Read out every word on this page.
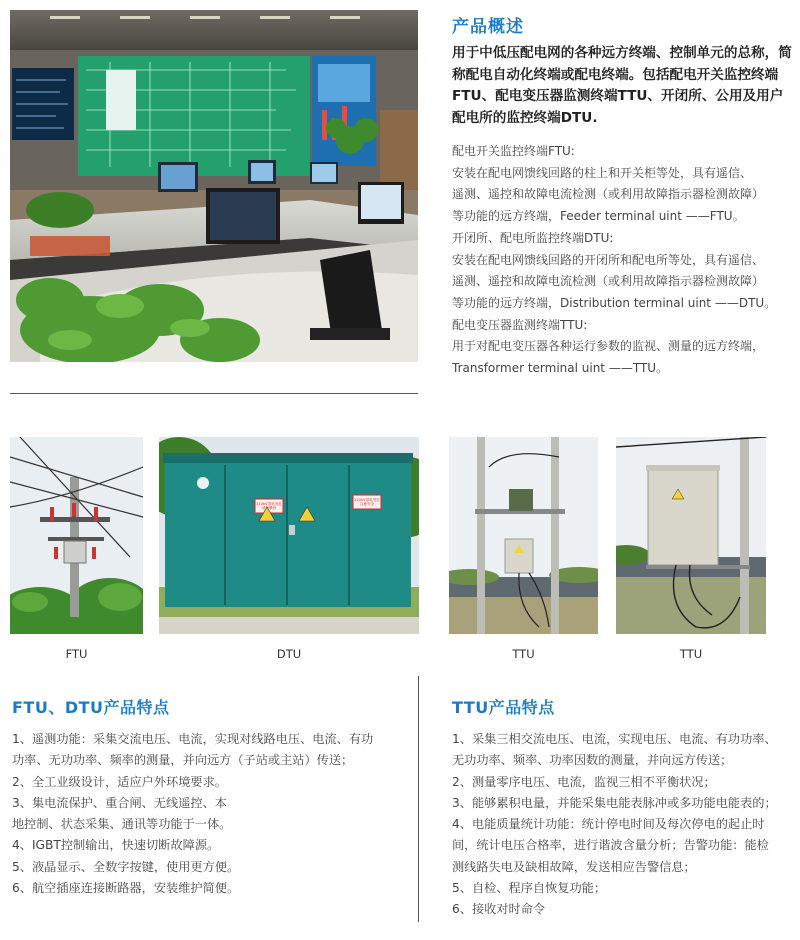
产品概述

用于中低压配电网的各种远方终端、控制单元的总称，简称配电自动化终端或配电终端。包括配电开关监控终端FTU、配电变压器监测终端TTU、开闭所、公用及用户配电所的监控终端DTU.

配电开关监控终端FTU:

安装在配电网馈线回路的柱上和开关柜等处，具有遥信、

遥测、遥控和故障电流检测（或利用故障指示器检测故障）

等功能的远方终端，Feeder terminal uint ——FTU。

开闭所、配电所监控终端DTU:

安装在配电网馈线回路的开闭所和配电所等处，具有遥信、

遥测、遥控和故障电流检测（或利用故障指示器检测故障）

等功能的远方终端，Distribution terminal uint ——DTU。

配电变压器监测终端TTU:

用于对配电变压器各种运行参数的监视、测量的远方终端，

Transformer terminal uint ——TTU。

110kV带电勿近请勿攀登
110kV带电勿近注意安全
FTU	DTU	TTU	TTU
FTU、DTU产品特点

1、遥测功能：采集交流电压、电流，实现对线路电压、电流、有功

功率、无功功率、频率的测量，并向远方（子站或主站）传送；

2、全工业级设计，适应户外环境要求。

3、集电流保护、重合闸、无线遥控、本

地控制、状态采集、通讯等功能于一体。

4、IGBT控制输出，快速切断故障源。

5、液晶显示、全数字按键，使用更方便。

6、航空插座连接断路器，安装维护简便。

TTU产品特点

1、采集三相交流电压、电流，实现电压、电流、有功功率、

无功功率、频率、功率因数的测量，并向远方传送；

2、测量零序电压、电流，监视三相不平衡状况；

3、能够累积电量，并能采集电能表脉冲或多功能电能表的；

4、电能质量统计功能：统计停电时间及每次停电的起止时

间，统计电压合格率，进行谐波含量分析；告警功能：能检

测线路失电及缺相故障，发送相应告警信息；

5、自检、程序自恢复功能；

6、接收对时命令
